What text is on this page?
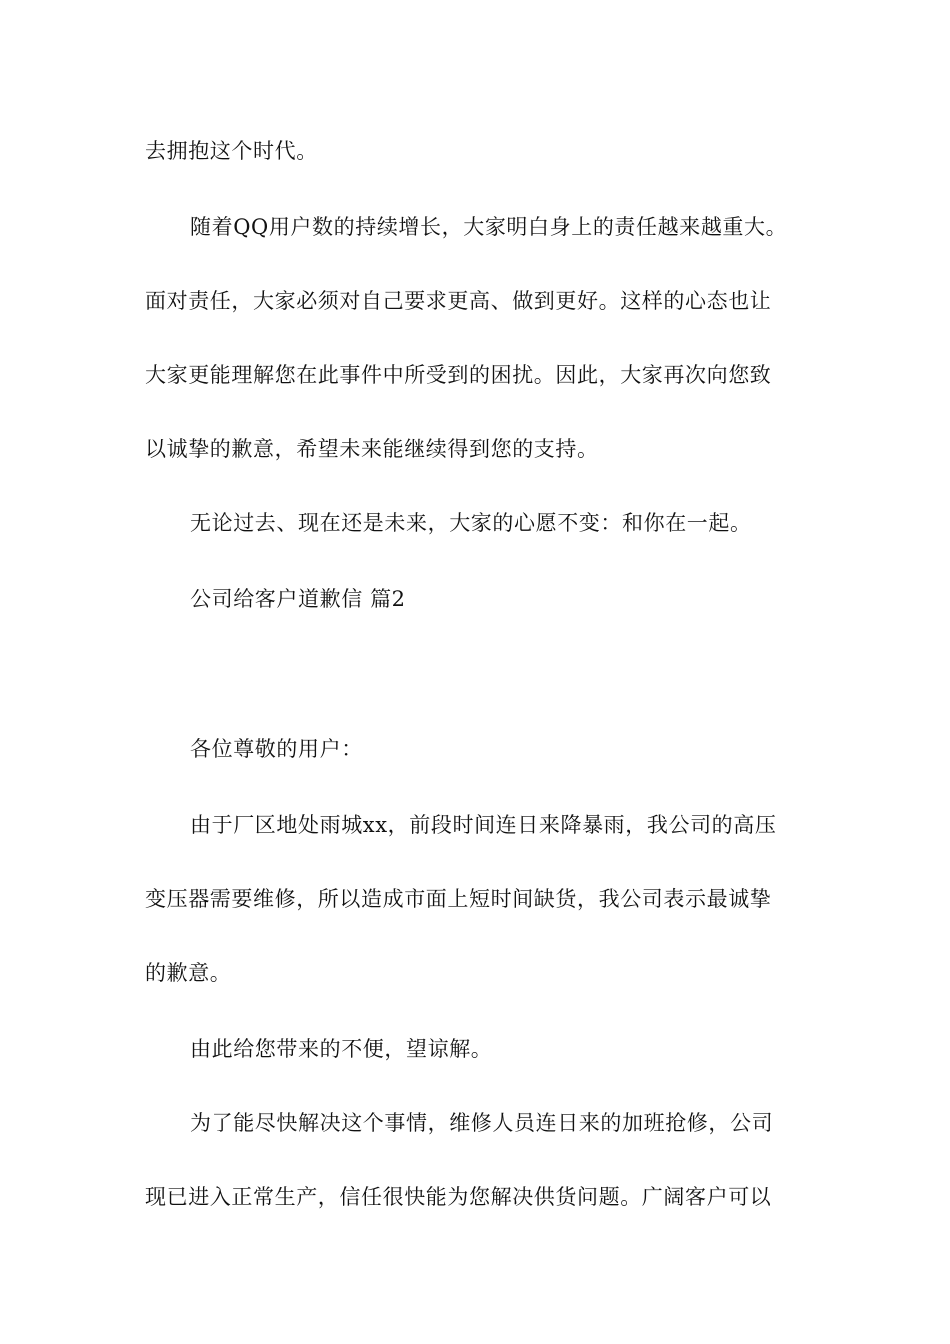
去拥抱这个时代。
随着QQ用户数的持续增长，大家明白身上的责任越来越重大。
面对责任，大家必须对自己要求更高、做到更好。这样的心态也让
大家更能理解您在此事件中所受到的困扰。因此，大家再次向您致
以诚挚的歉意，希望未来能继续得到您的支持。
无论过去、现在还是未来，大家的心愿不变：和你在一起。
公司给客户道歉信 篇2
各位尊敬的用户：
由于厂区地处雨城xx，前段时间连日来降暴雨，我公司的高压
变压器需要维修，所以造成市面上短时间缺货，我公司表示最诚挚
的歉意。
由此给您带来的不便，望谅解。
为了能尽快解决这个事情，维修人员连日来的加班抢修，公司
现已进入正常生产，信任很快能为您解决供货问题。广阔客户可以
